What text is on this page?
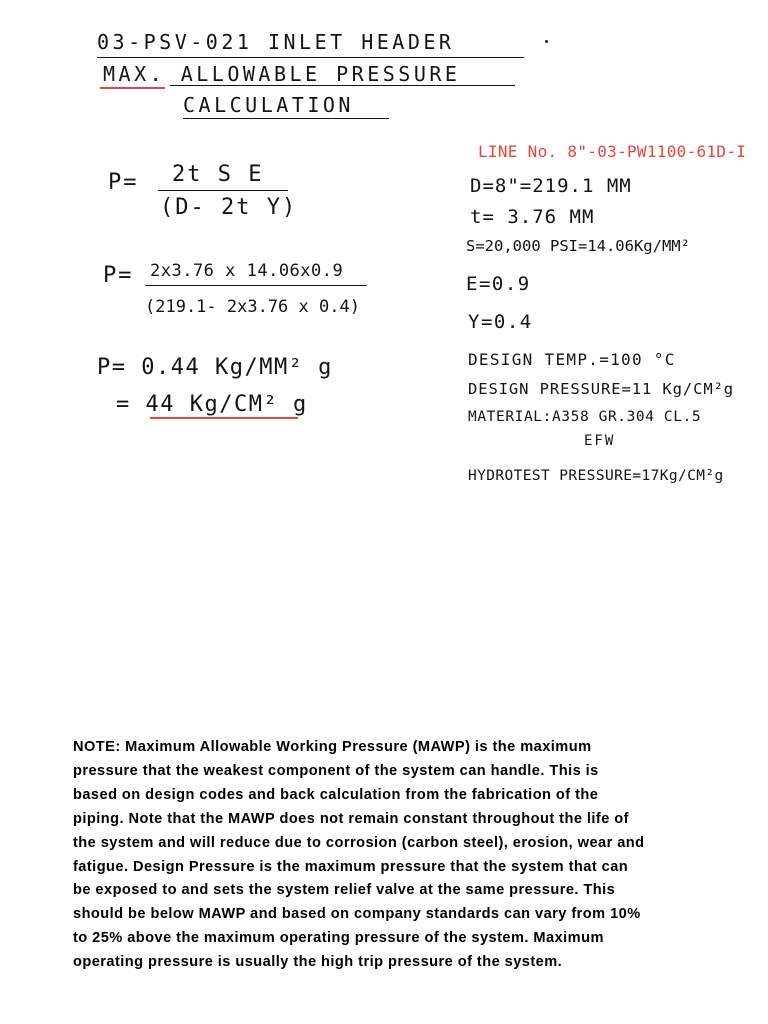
03-PSV-021 INLET HEADER
MAX. ALLOWABLE PRESSURE
CALCULATION
P= 2t S E
(D- 2t Y)
P= 2x3.76 x 14.06x0.9
(219.1- 2x3.76 x 0.4)
P= 0.44 Kg/MM² g
= 44 Kg/CM² g
LINE No. 8"-03-PW1100-61D-I
D=8"=219.1 MM
t= 3.76 MM
S=20,000 PSI=14.06Kg/MM²
E=0.9
Y=0.4
DESIGN TEMP.=100 °C
DESIGN PRESSURE=11 Kg/CM²g
MATERIAL:A358 GR.304 CL.5
EFW
HYDROTEST PRESSURE=17Kg/CM²g
NOTE: Maximum Allowable Working Pressure (MAWP) is the maximum
pressure that the weakest component of the system can handle. This is
based on design codes and back calculation from the fabrication of the
piping. Note that the MAWP does not remain constant throughout the life of
the system and will reduce due to corrosion (carbon steel), erosion, wear and
fatigue. Design Pressure is the maximum pressure that the system that can
be exposed to and sets the system relief valve at the same pressure. This
should be below MAWP and based on company standards can vary from 10%
to 25% above the maximum operating pressure of the system. Maximum
operating pressure is usually the high trip pressure of the system.
